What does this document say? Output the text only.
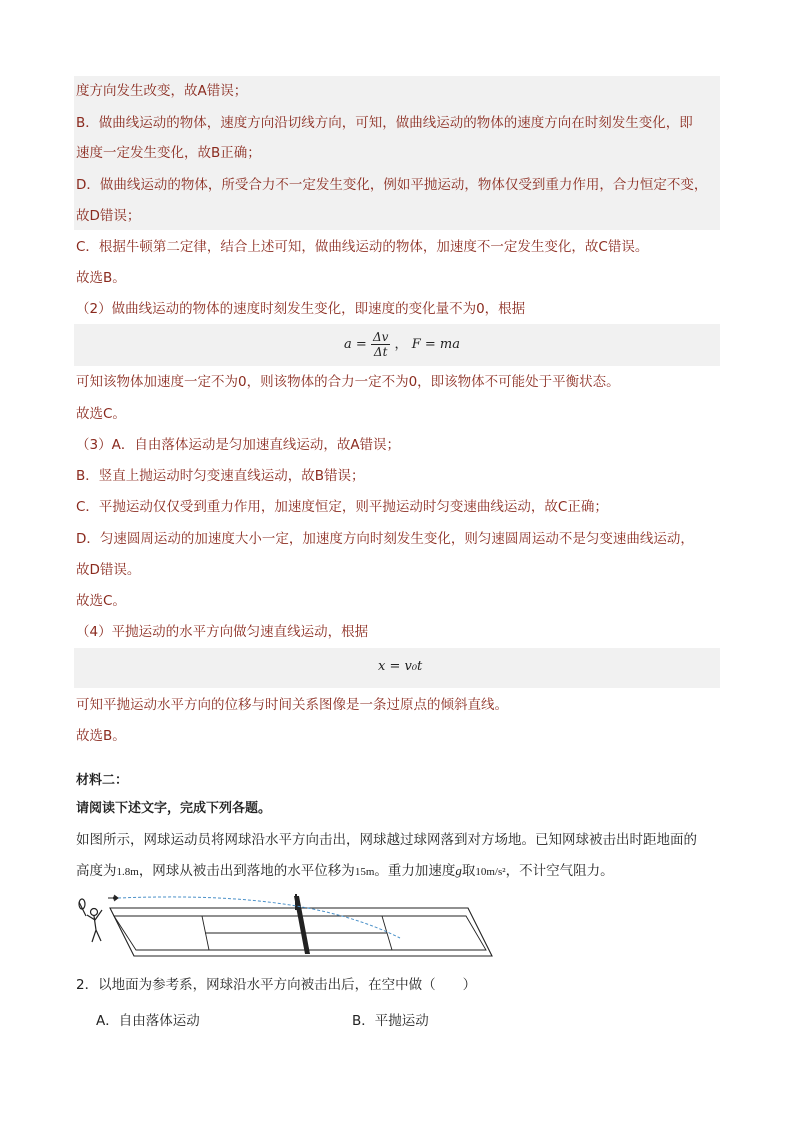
度方向发生改变，故A错误；
B．做曲线运动的物体，速度方向沿切线方向，可知，做曲线运动的物体的速度方向在时刻发生变化，即
速度一定发生变化，故B正确；
D．做曲线运动的物体，所受合力不一定发生变化，例如平抛运动，物体仅受到重力作用，合力恒定不变，
故D错误；
C．根据牛顿第二定律，结合上述可知，做曲线运动的物体，加速度不一定发生变化，故C错误。
故选B。
（2）做曲线运动的物体的速度时刻发生变化，即速度的变化量不为0，根据
$a = \frac{\Delta v}{\Delta t}$ ， F = ma
可知该物体加速度一定不为0，则该物体的合力一定不为0，即该物体不可能处于平衡状态。
故选C。
（3）A．自由落体运动是匀加速直线运动，故A错误；
B．竖直上抛运动时匀变速直线运动，故B错误；
C．平抛运动仅仅受到重力作用，加速度恒定，则平抛运动时匀变速曲线运动，故C正确；
D．匀速圆周运动的加速度大小一定，加速度方向时刻发生变化，则匀速圆周运动不是匀变速曲线运动，
故D错误。
故选C。
（4）平抛运动的水平方向做匀速直线运动，根据
x = v₀t
可知平抛运动水平方向的位移与时间关系图像是一条过原点的倾斜直线。
故选B。
材料二：
请阅读下述文字，完成下列各题。
如图所示，网球运动员将网球沿水平方向击出，网球越过球网落到对方场地。已知网球被击出时距地面的
高度为1.8m，网球从被击出到落地的水平位移为15m。重力加速度g取10m/s²，不计空气阻力。
2．以地面为参考系，网球沿水平方向被击出后，在空中做（　　）
A．自由落体运动	B．平抛运动
